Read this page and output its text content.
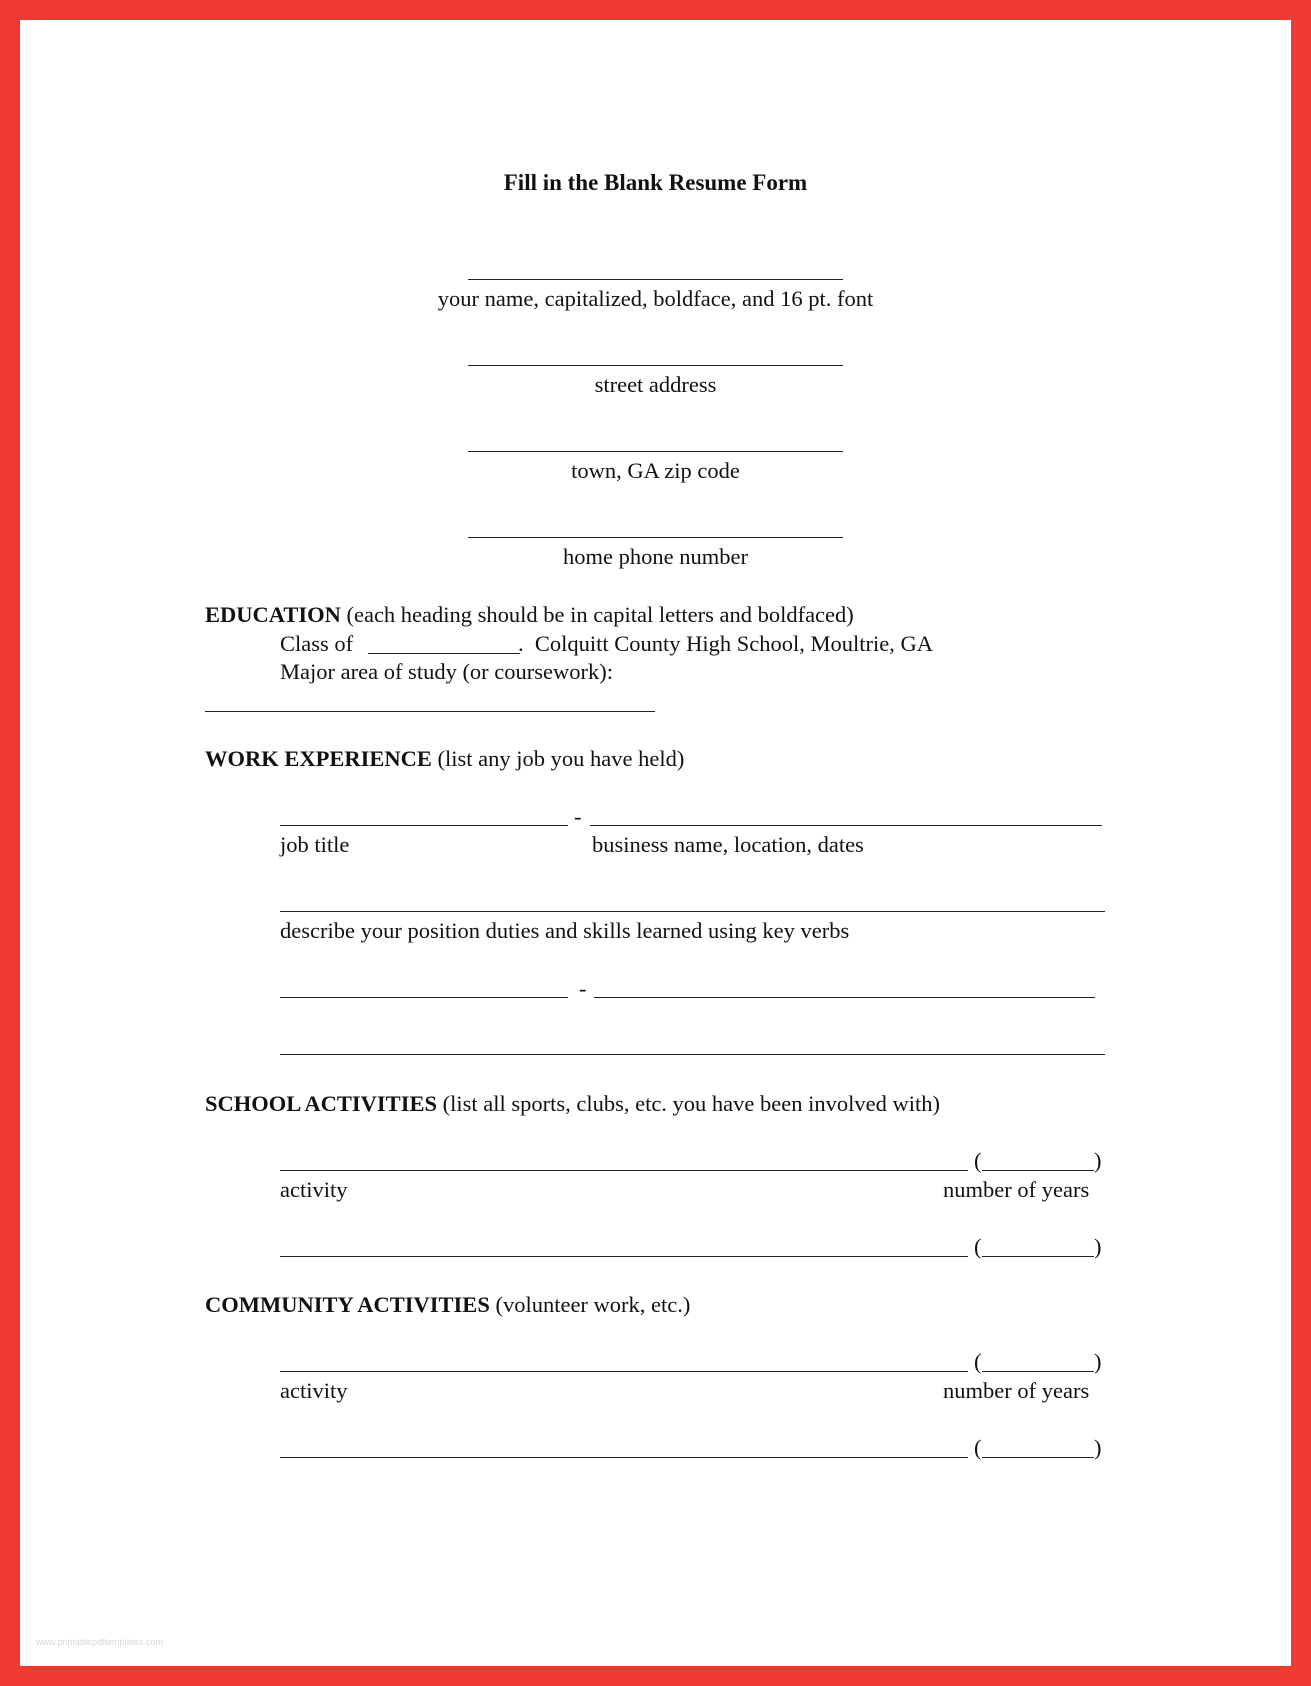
Fill in the Blank Resume Form
your name, capitalized, boldface, and 16 pt. font
street address
town, GA zip code
home phone number
EDUCATION (each heading should be in capital letters and boldfaced)
Class of	.  Colquitt County High School, Moultrie, GA
Major area of study (or coursework):
WORK EXPERIENCE (list any job you have held)
-
job title	business name, location, dates
describe your position duties and skills learned using key verbs
-
SCHOOL ACTIVITIES (list all sports, clubs, etc. you have been involved with)
(	)
activity	number of years
(	)
COMMUNITY ACTIVITIES (volunteer work, etc.)
(	)
activity	number of years
(	)
www.printablepdftemplates.com
